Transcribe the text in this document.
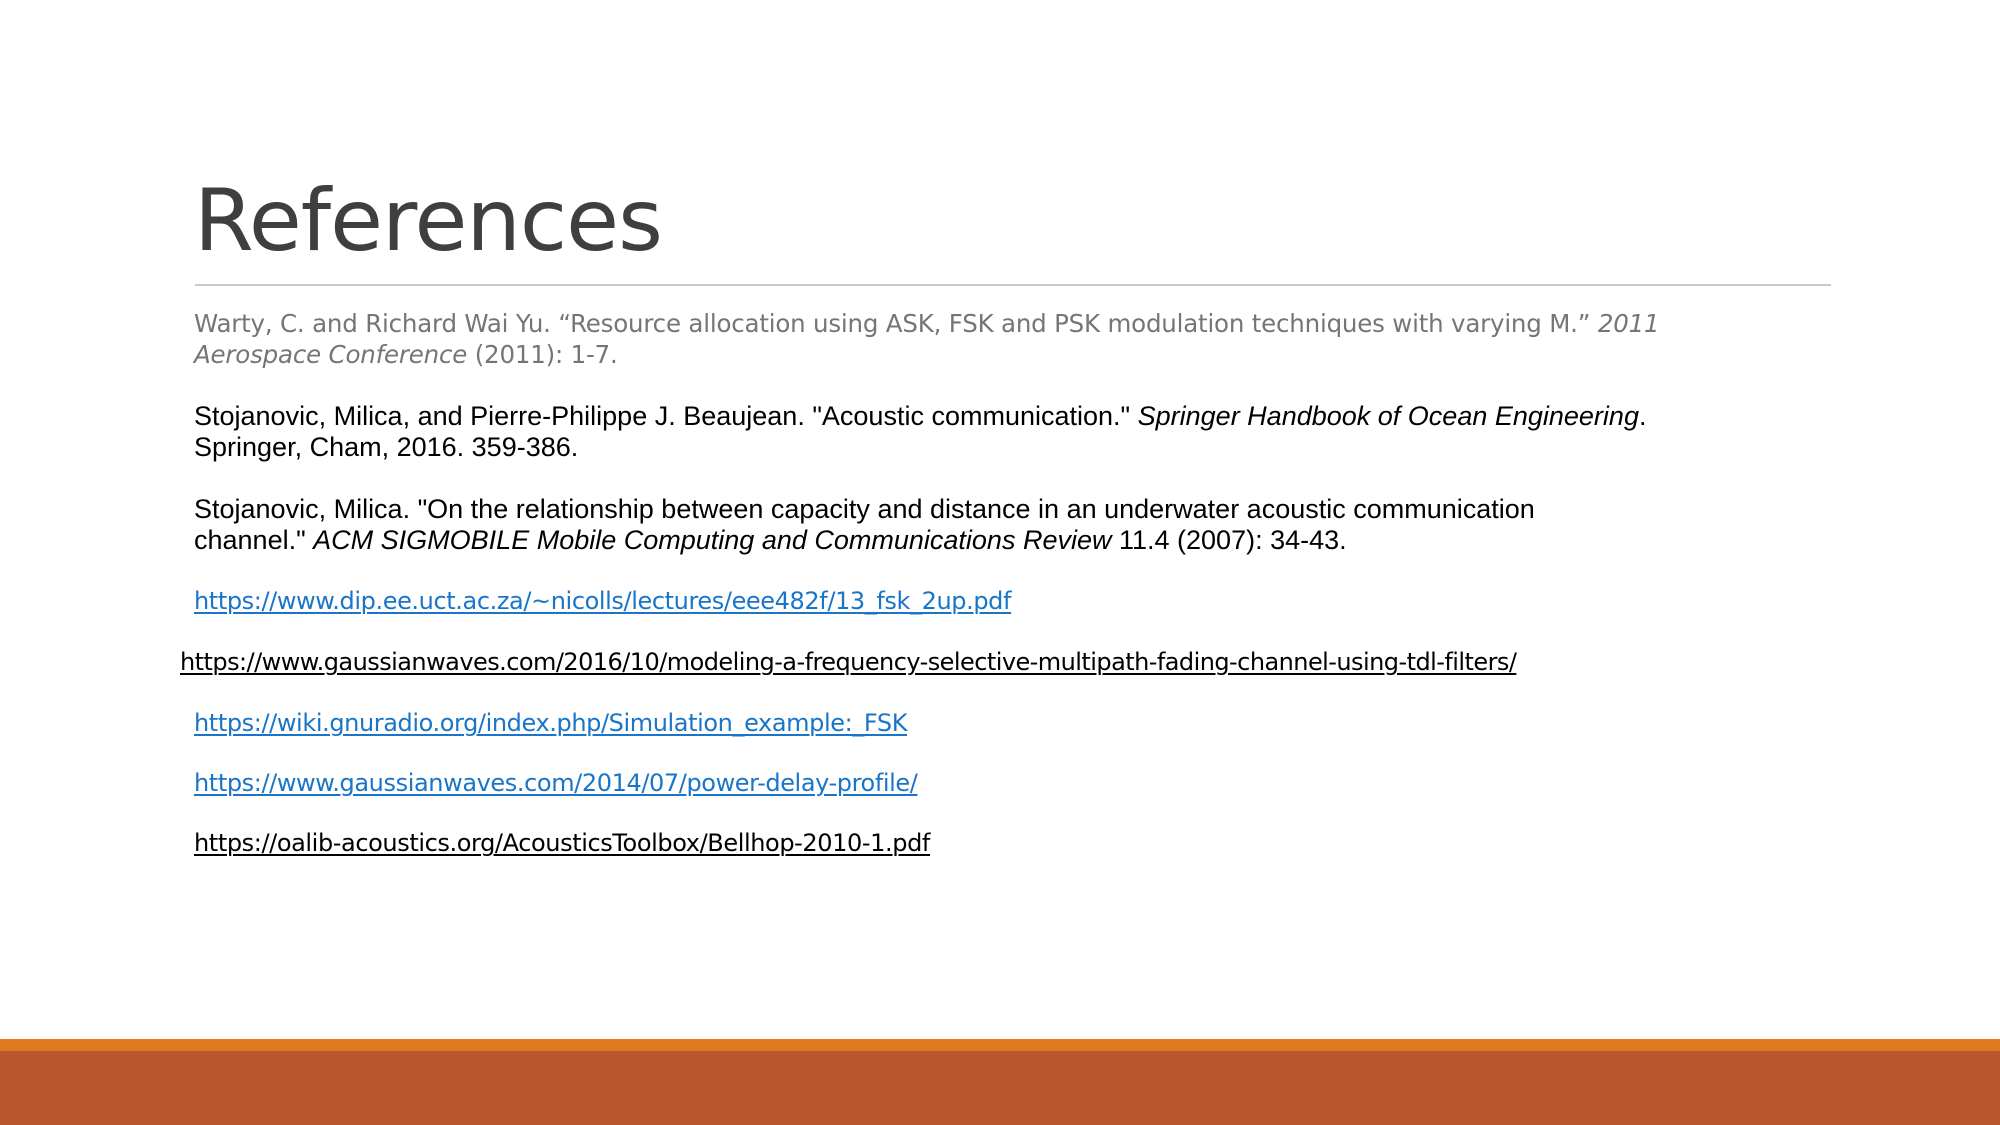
References

Warty, C. and Richard Wai Yu. “Resource allocation using ASK, FSK and PSK modulation techniques with varying M.” 2011
Aerospace Conference (2011): 1-7.

Stojanovic, Milica, and Pierre-Philippe J. Beaujean. "Acoustic communication." Springer Handbook of Ocean Engineering.
Springer, Cham, 2016. 359-386.

Stojanovic, Milica. "On the relationship between capacity and distance in an underwater acoustic communication
channel." ACM SIGMOBILE Mobile Computing and Communications Review 11.4 (2007): 34-43.

https://www.dip.ee.uct.ac.za/~nicolls/lectures/eee482f/13_fsk_2up.pdf
https://www.gaussianwaves.com/2016/10/modeling-a-frequency-selective-multipath-fading-channel-using-tdl-filters/
https://wiki.gnuradio.org/index.php/Simulation_example:_FSK
https://www.gaussianwaves.com/2014/07/power-delay-profile/
https://oalib-acoustics.org/AcousticsToolbox/Bellhop-2010-1.pdf
